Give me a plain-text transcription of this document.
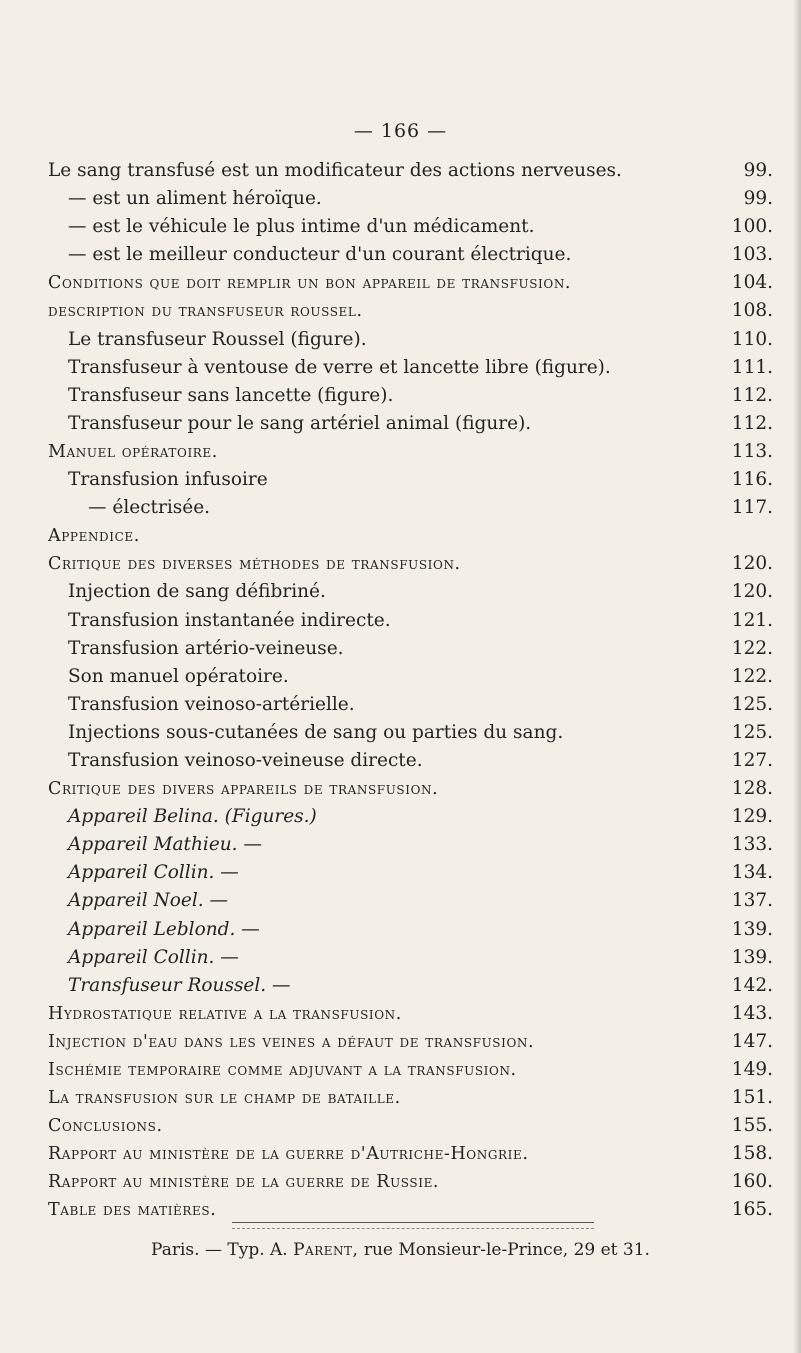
— 166 —
Le sang transfusé est un modificateur des actions nerveuses.	99.
— est un aliment héroïque.	99.
— est le véhicule le plus intime d'un médicament.	100.
— est le meilleur conducteur d'un courant électrique.	103.
Conditions que doit remplir un bon appareil de transfusion.	104.
description du transfuseur roussel.	108.
Le transfuseur Roussel (figure).	110.
Transfuseur à ventouse de verre et lancette libre (figure).	111.
Transfuseur sans lancette (figure).	112.
Transfuseur pour le sang artériel animal (figure).	112.
Manuel opératoire.	113.
Transfusion infusoire	116.
— électrisée.	117.
Appendice.
Critique des diverses méthodes de transfusion.	120.
Injection de sang défibriné.	120.
Transfusion instantanée indirecte.	121.
Transfusion artério-veineuse.	122.
Son manuel opératoire.	122.
Transfusion veinoso-artérielle.	125.
Injections sous-cutanées de sang ou parties du sang.	125.
Transfusion veinoso-veineuse directe.	127.
Critique des divers appareils de transfusion.	128.
Appareil Belina. (Figures.)	129.
Appareil Mathieu. —	133.
Appareil Collin. —	134.
Appareil Noel. —	137.
Appareil Leblond. —	139.
Appareil Collin. —	139.
Transfuseur Roussel. —	142.
Hydrostatique relative a la transfusion.	143.
Injection d'eau dans les veines a défaut de transfusion.	147.
Ischémie temporaire comme adjuvant a la transfusion.	149.
La transfusion sur le champ de bataille.	151.
Conclusions.	155.
Rapport au ministère de la guerre d'Autriche-Hongrie.	158.
Rapport au ministère de la guerre de Russie.	160.
Table des matières.	165.
Paris. — Typ. A. Parent, rue Monsieur-le-Prince, 29 et 31.
